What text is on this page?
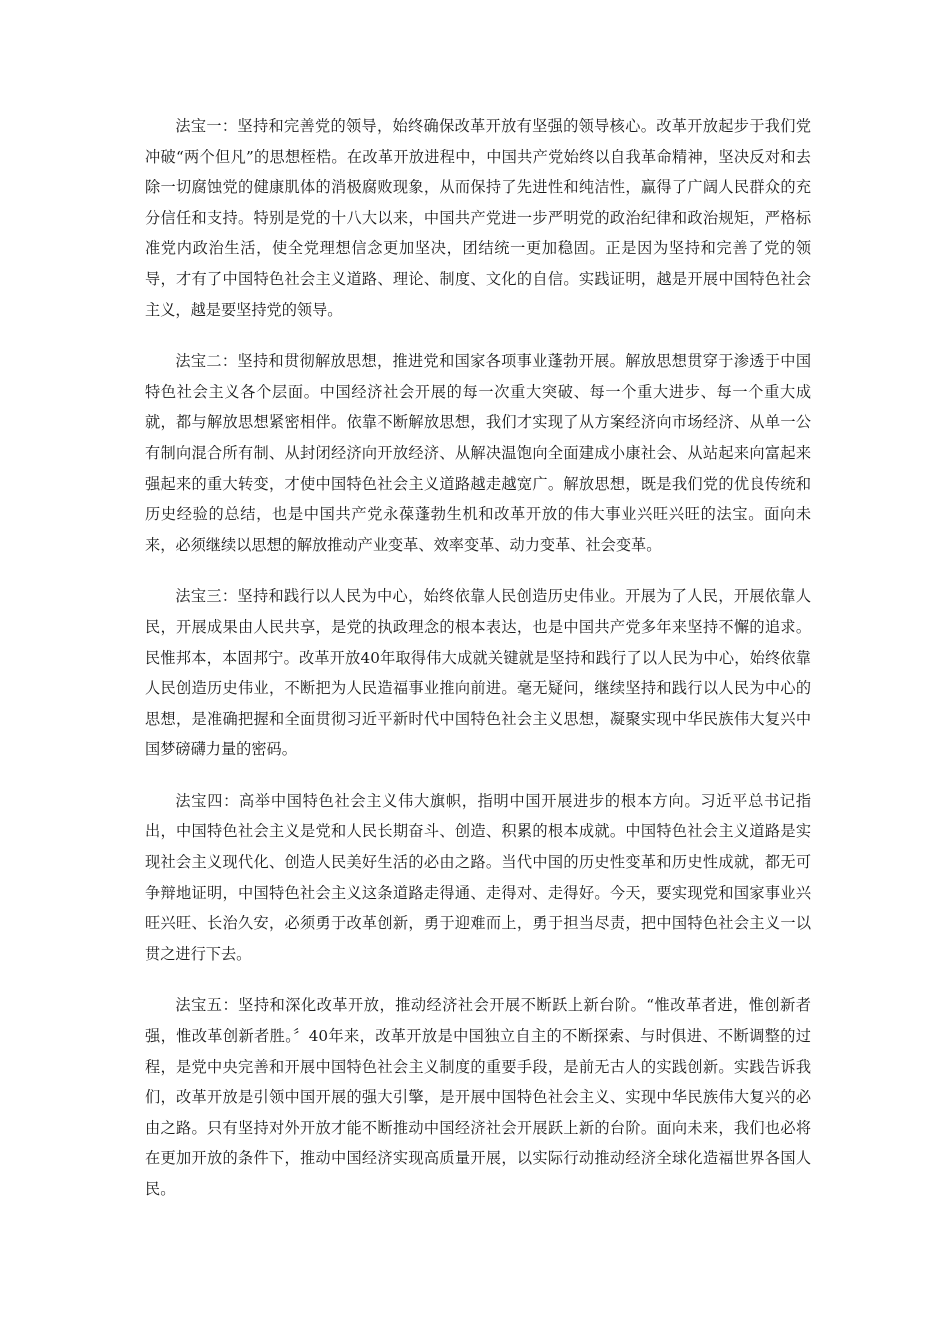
法宝一：坚持和完善党的领导，始终确保改革开放有坚强的领导核心。改革开放起步于我们党冲破“两个但凡”的思想桎梏。在改革开放进程中，中国共产党始终以自我革命精神，坚决反对和去除一切腐蚀党的健康肌体的消极腐败现象，从而保持了先进性和纯洁性，赢得了广阔人民群众的充分信任和支持。特别是党的十八大以来，中国共产党进一步严明党的政治纪律和政治规矩，严格标准党内政治生活，使全党理想信念更加坚决，团结统一更加稳固。正是因为坚持和完善了党的领导，才有了中国特色社会主义道路、理论、制度、文化的自信。实践证明，越是开展中国特色社会主义，越是要坚持党的领导。

法宝二：坚持和贯彻解放思想，推进党和国家各项事业蓬勃开展。解放思想贯穿于渗透于中国特色社会主义各个层面。中国经济社会开展的每一次重大突破、每一个重大进步、每一个重大成就，都与解放思想紧密相伴。依靠不断解放思想，我们才实现了从方案经济向市场经济、从单一公有制向混合所有制、从封闭经济向开放经济、从解决温饱向全面建成小康社会、从站起来向富起来强起来的重大转变，才使中国特色社会主义道路越走越宽广。解放思想，既是我们党的优良传统和历史经验的总结，也是中国共产党永葆蓬勃生机和改革开放的伟大事业兴旺兴旺的法宝。面向未来，必须继续以思想的解放推动产业变革、效率变革、动力变革、社会变革。

法宝三：坚持和践行以人民为中心，始终依靠人民创造历史伟业。开展为了人民，开展依靠人民，开展成果由人民共享，是党的执政理念的根本表达，也是中国共产党多年来坚持不懈的追求。民惟邦本，本固邦宁。改革开放40年取得伟大成就关键就是坚持和践行了以人民为中心，始终依靠人民创造历史伟业，不断把为人民造福事业推向前进。毫无疑问，继续坚持和践行以人民为中心的思想，是准确把握和全面贯彻习近平新时代中国特色社会主义思想，凝聚实现中华民族伟大复兴中国梦磅礴力量的密码。

法宝四：高举中国特色社会主义伟大旗帜，指明中国开展进步的根本方向。习近平总书记指出，中国特色社会主义是党和人民长期奋斗、创造、积累的根本成就。中国特色社会主义道路是实现社会主义现代化、创造人民美好生活的必由之路。当代中国的历史性变革和历史性成就，都无可争辩地证明，中国特色社会主义这条道路走得通、走得对、走得好。今天，要实现党和国家事业兴旺兴旺、长治久安，必须勇于改革创新，勇于迎难而上，勇于担当尽责，把中国特色社会主义一以贯之进行下去。

法宝五：坚持和深化改革开放，推动经济社会开展不断跃上新台阶。“惟改革者进，惟创新者强，惟改革创新者胜。〞40年来，改革开放是中国独立自主的不断探索、与时俱进、不断调整的过程，是党中央完善和开展中国特色社会主义制度的重要手段，是前无古人的实践创新。实践告诉我们，改革开放是引领中国开展的强大引擎，是开展中国特色社会主义、实现中华民族伟大复兴的必由之路。只有坚持对外开放才能不断推动中国经济社会开展跃上新的台阶。面向未来，我们也必将在更加开放的条件下，推动中国经济实现高质量开展，以实际行动推动经济全球化造福世界各国人民。
